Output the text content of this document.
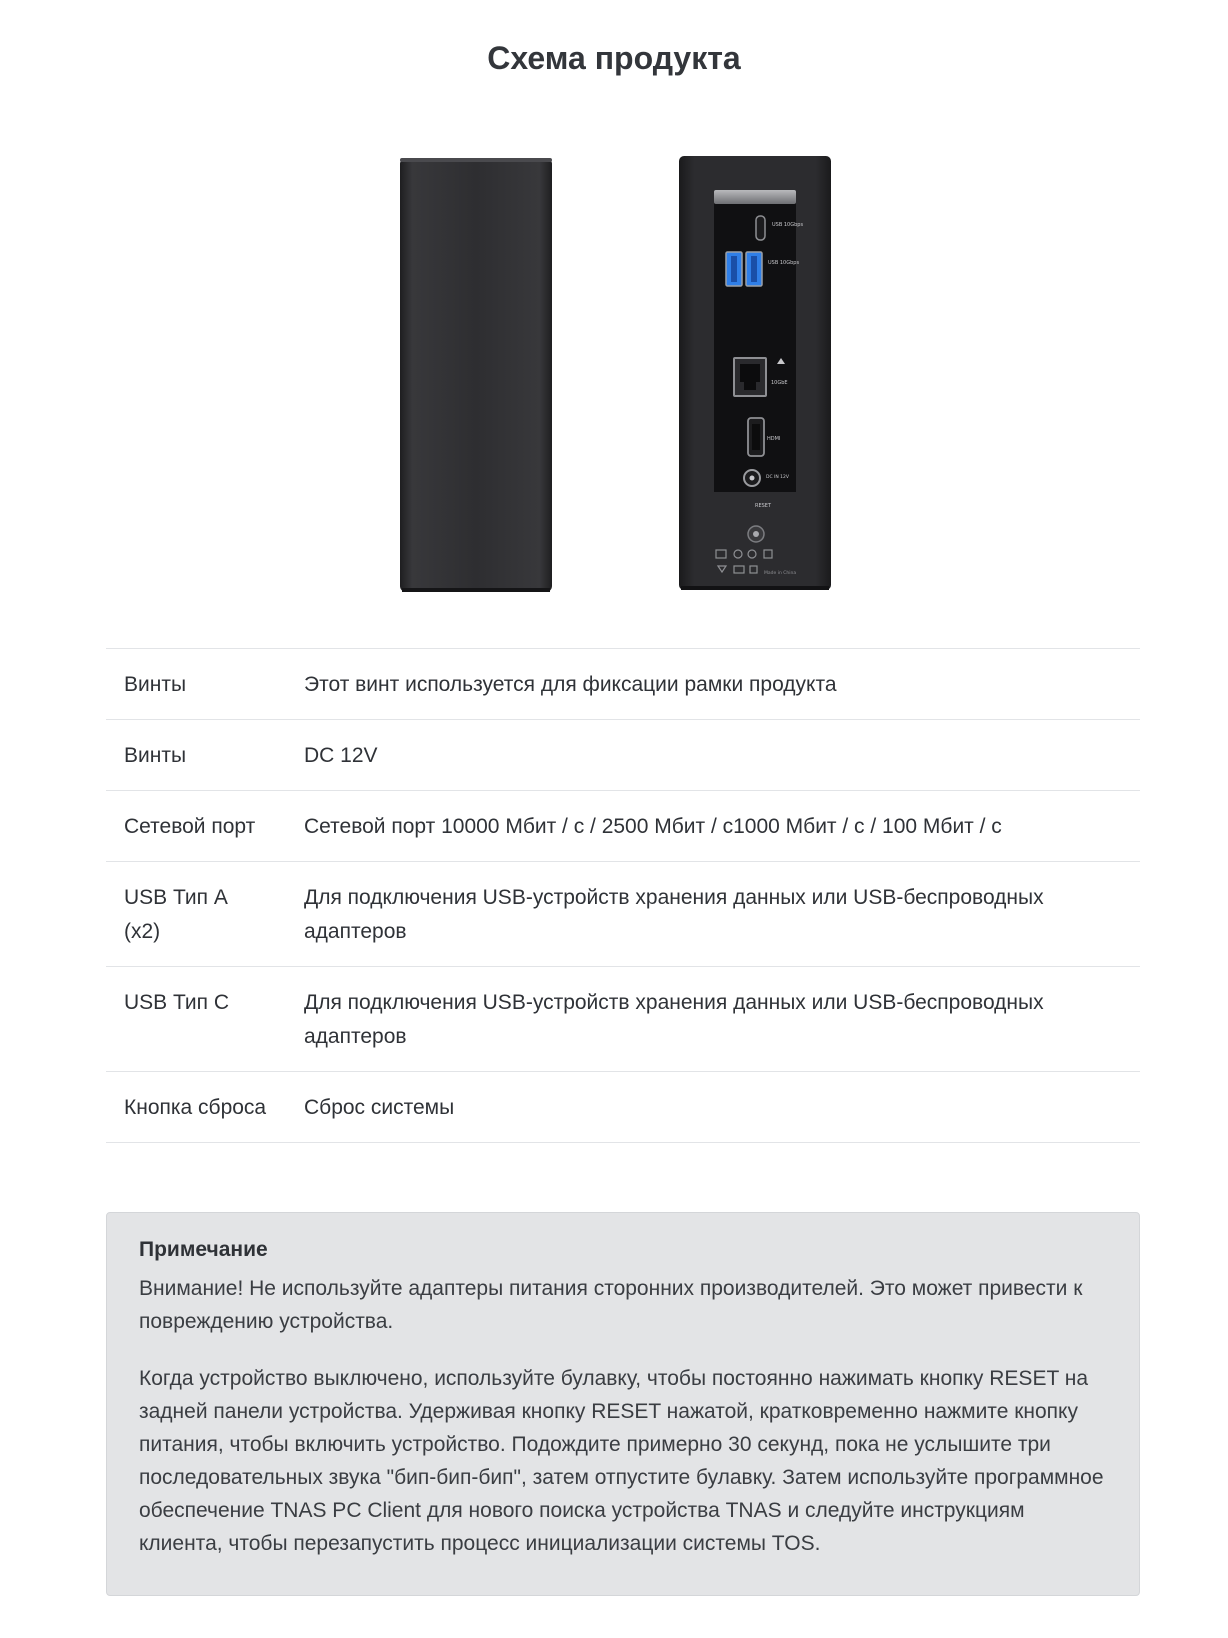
Схема продукта
USB 10Gbps
USB 10Gbps
10GbE
HDMI
DC IN 12V
RESET
Made in China
Винты	Этот винт используется для фиксации рамки продукта
Винты	DC 12V
Сетевой порт	Сетевой порт 10000 Мбит / с / 2500 Мбит / с1000 Мбит / с / 100 Мбит / с
USB Тип А (x2)	Для подключения USB-устройств хранения данных или USB-беспроводных адаптеров
USB Тип С	Для подключения USB-устройств хранения данных или USB-беспроводных адаптеров
Кнопка сброса	Сброс системы
Примечание

Внимание! Не используйте адаптеры питания сторонних производителей. Это может привести к повреждению устройства.

Когда устройство выключено, используйте булавку, чтобы постоянно нажимать кнопку RESET на задней панели устройства. Удерживая кнопку RESET нажатой, кратковременно нажмите кнопку питания, чтобы включить устройство. Подождите примерно 30 секунд, пока не услышите три последовательных звука "бип-бип-бип", затем отпустите булавку. Затем используйте программное обеспечение TNAS PC Client для нового поиска устройства TNAS и следуйте инструкциям клиента, чтобы перезапустить процесс инициализации системы TOS.
